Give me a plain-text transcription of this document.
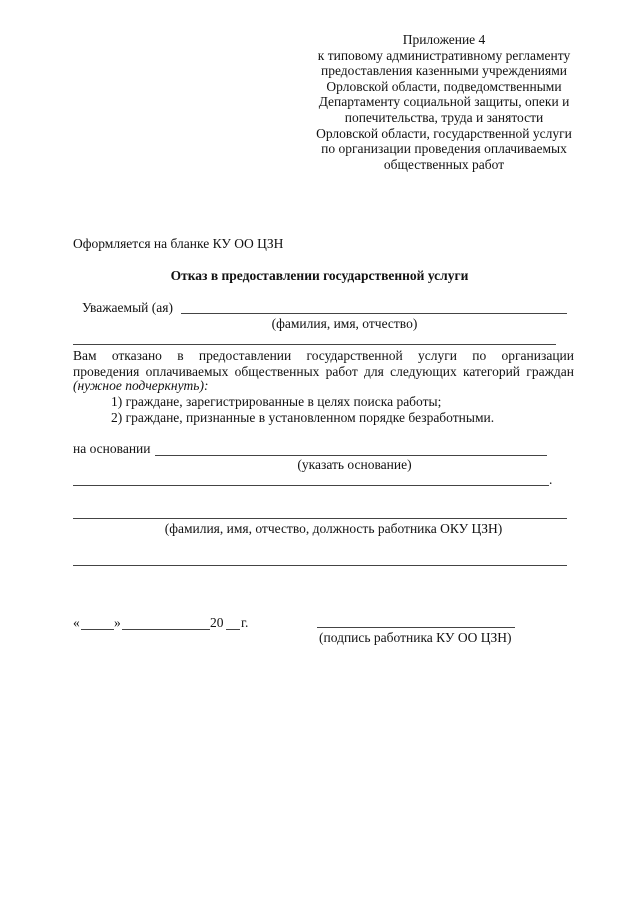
Приложение 4
к типовому административному регламенту
предоставления казенными учреждениями
Орловской области, подведомственными
Департаменту социальной защиты, опеки и
попечительства, труда и занятости
Орловской области, государственной услуги
по организации проведения оплачиваемых
общественных работ
Оформляется на бланке КУ ОО ЦЗН
Отказ в предоставлении государственной услуги
Уважаемый (ая)
(фамилия, имя, отчество)
Вам отказано в предоставлении государственной услуги по организации
проведения оплачиваемых общественных работ для следующих категорий граждан
(нужное подчеркнуть):
1) граждане, зарегистрированные в целях поиска работы;
2) граждане, признанные в установленном порядке безработными.
на основании
(указать основание)
.
(фамилия, имя, отчество, должность работника ОКУ ЦЗН)
«	»	20 г.
(подпись работника КУ ОО ЦЗН)
